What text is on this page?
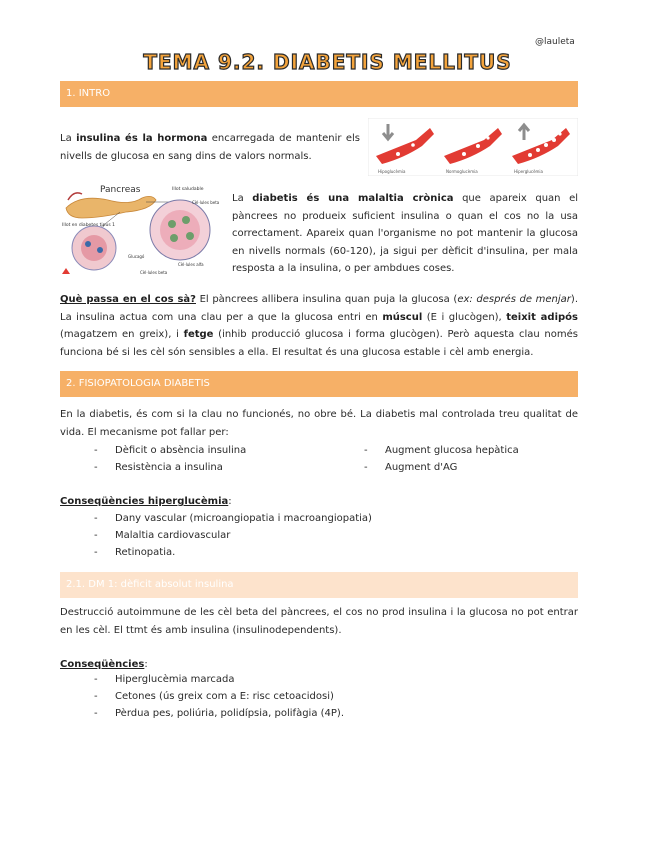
@lauleta
TEMA 9.2. DIABETIS MELLITUS
1. INTRO
La insulina és la hormona encarregada de mantenir els nivells de glucosa en sang dins de valors normals.
Hipoglucèmia	Normoglucèmia	Hiperglucèmia
Pancreas	Illot saludable
Illot en diabetes tipus 1
Cèl·lules beta
Glucagó
Cèl·lules alfa
Cèl·lules beta
La diabetis és una malaltia crònica que apareix quan el pàncrees no produeix suficient insulina o quan el cos no la usa correctament. Apareix quan l'organisme no pot mantenir la glucosa en nivells normals (60-120), ja sigui per dèficit d'insulina, per mala resposta a la insulina, o per ambdues coses.
Què passa en el cos sà? El pàncrees allibera insulina quan puja la glucosa (ex: després de menjar). La insulina actua com una clau per a que la glucosa entri en múscul (E i glucògen), teixit adipós (magatzem en greix), i fetge (inhib producció glucosa i forma glucògen). Però aquesta clau només funciona bé si les cèl són sensibles a ella. El resultat és una glucosa estable i cèl amb energia.
2. FISIOPATOLOGIA DIABETIS
En la diabetis, és com si la clau no funcionés, no obre bé. La diabetis mal controlada treu qualitat de vida. El mecanisme pot fallar per:
- Dèficit o absència insulina
- Resistència a insulina
- Augment glucosa hepàtica
- Augment d'AG
Conseqüències hiperglucèmia:
- Dany vascular (microangiopatia i macroangiopatia)
- Malaltia cardiovascular
- Retinopatia.
2.1. DM 1: dèficit absolut insulina
Destrucció autoimmune de les cèl beta del pàncrees, el cos no prod insulina i la glucosa no pot entrar en les cèl. El ttmt és amb insulina (insulinodependents).
Conseqüències:
- Hiperglucèmia marcada
- Cetones (ús greix com a E: risc cetoacidosi)
- Pèrdua pes, poliúria, polidípsia, polifàgia (4P).
